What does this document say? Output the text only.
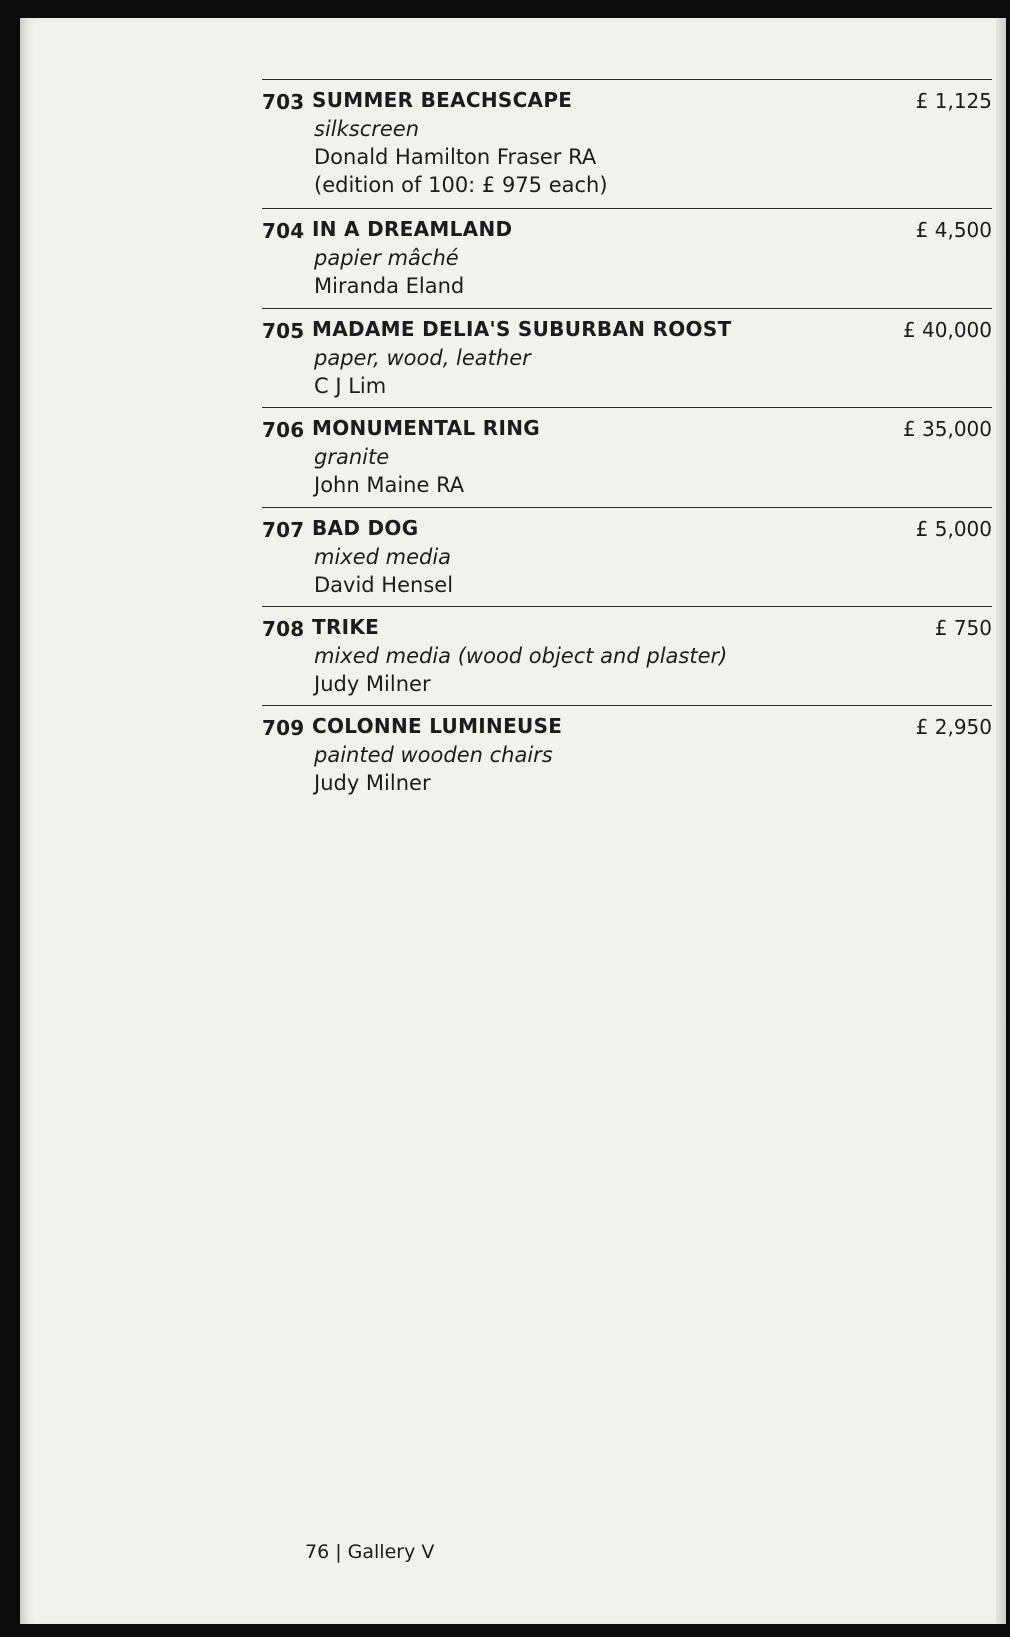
703 SUMMER BEACHSCAPE	£ 1,125
silkscreen
Donald Hamilton Fraser RA
(edition of 100: £ 975 each)
704 IN A DREAMLAND	£ 4,500
papier mâché
Miranda Eland
705 MADAME DELIA'S SUBURBAN ROOST	£ 40,000
paper, wood, leather
C J Lim
706 MONUMENTAL RING	£ 35,000
granite
John Maine RA
707 BAD DOG	£ 5,000
mixed media
David Hensel
708 TRIKE	£ 750
mixed media (wood object and plaster)
Judy Milner
709 COLONNE LUMINEUSE	£ 2,950
painted wooden chairs
Judy Milner
76 | Gallery V
